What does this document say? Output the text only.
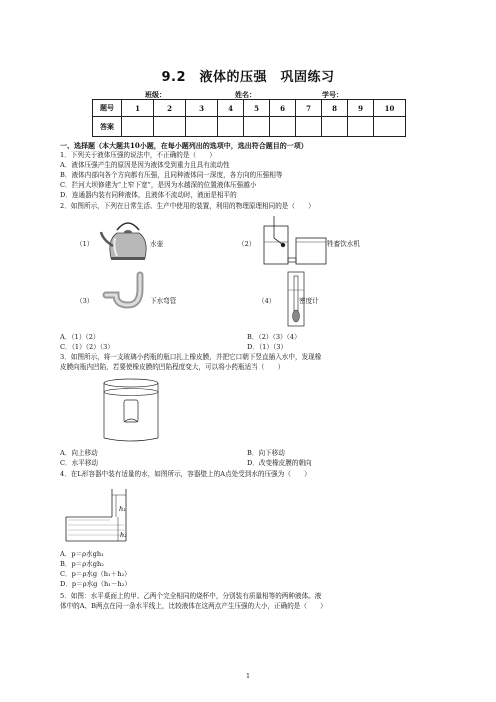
9.2　液体的压强　巩固练习
班级：	姓名：	学号：
题号	1	2	3	4	5	6	7	8	9	10
答案										
一、选择题（本大题共10小题，在每小题列出的选项中，选出符合题目的一项）
1．下列关于液体压强的说法中，不正确的是（　　）
A．液体压强产生的原因是因为液体受到重力且具有流动性
B．液体内部向各个方向都有压强，且同种液体同一深度，各方向的压强相等
C．拦河大坝修建为“上窄下宽”，是因为水越深的位置液体压强越小
D．连通器内装有同种液体，且液体不流动时，液面是相平的
2．如图所示，下列在日常生活、生产中使用的装置，利用的物理原理相同的是（　　）
（1）	水壶	（2）	牲畜饮水机
（3）	下水弯管	（4）	密度计
A．（1）（2）	B．（2）（3）（4）
C．（1）（2）（3）	D．（1）（3）
3．如图所示，将一支玻璃小药瓶的瓶口扎上橡皮膜，并把它口朝下竖直插入水中，发现橡
皮膜向瓶内凹陷，若要使橡皮膜的凹陷程度变大，可以将小药瓶适当（　　）
A．向上移动	B．向下移动
C．水平移动	D．改变橡皮膜的朝向
4．在L形容器中装有适量的水，如图所示，容器壁上的A点处受到水的压强为（　　）
h₁
h₂
A．p＝ρ水gh₁
B．p＝ρ水gh₂
C．p＝ρ水g（h₁＋h₂）
D．p＝ρ水g（h₁－h₂）
5．如图：水平桌面上的甲、乙两个完全相同的烧杯中，分别装有质量相等的两种液体。液
体中的A、B两点在同一条水平线上，比较液体在这两点产生压强的大小，正确的是（　　）
1
